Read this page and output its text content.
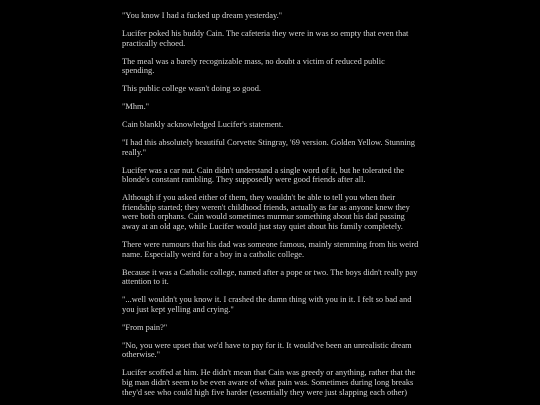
"You know I had a fucked up dream yesterday."

Lucifer poked his buddy Cain. The cafeteria they were in was so empty that even that practically echoed.

The meal was a barely recognizable mass, no doubt a victim of reduced public spending.

This public college wasn't doing so good.

"Mhm."

Cain blankly acknowledged Lucifer's statement.

"I had this absolutely beautiful Corvette Stingray, '69 version. Golden Yellow. Stunning really."

Lucifer was a car nut. Cain didn't understand a single word of it, but he tolerated the blonde's constant rambling. They supposedly were good friends after all.

Although if you asked either of them, they wouldn't be able to tell you when their friendship started; they weren't childhood friends, actually as far as anyone knew they were both orphans. Cain would sometimes murmur something about his dad passing away at an old age, while Lucifer would just stay quiet about his family completely.

There were rumours that his dad was someone famous, mainly stemming from his weird name. Especially weird for a boy in a catholic college.

Because it was a Catholic college, named after a pope or two. The boys didn't really pay attention to it.

"...well wouldn't you know it. I crashed the damn thing with you in it. I felt so bad and you just kept yelling and crying."

"From pain?"

"No, you were upset that we'd have to pay for it. It would've been an unrealistic dream otherwise."

Lucifer scoffed at him. He didn't mean that Cain was greedy or anything, rather that the big man didn't seem to be even aware of what pain was. Sometimes during long breaks they'd see who could high five harder (essentially they were just slapping each other)
